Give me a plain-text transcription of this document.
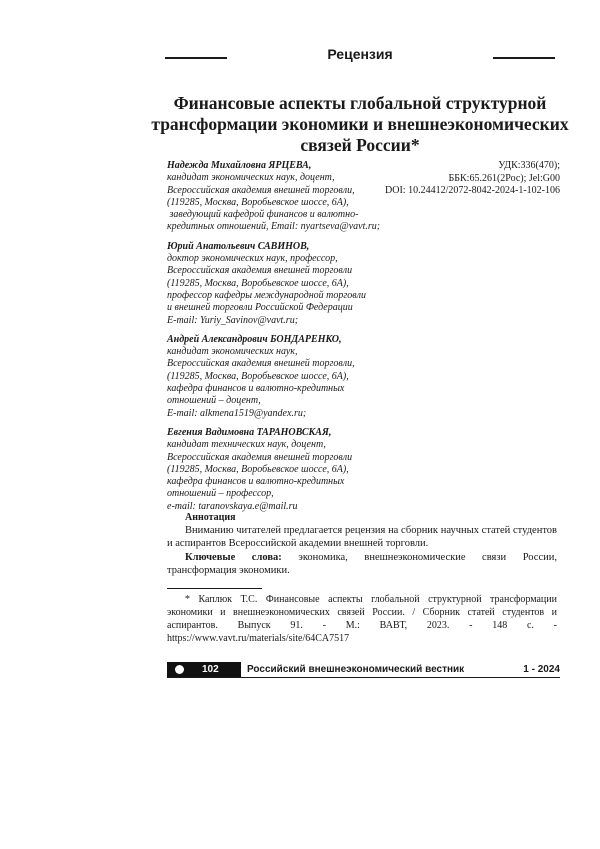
Рецензия
Финансовые аспекты глобальной структурной
трансформации экономики и внешнеэкономических
связей России*
УДК:336(470);
ББК:65.261(2Рос); Jel:G00
DOI: 10.24412/2072-8042-2024-1-102-106
Надежда Михайловна ЯРЦЕВА,
кандидат экономических наук, доцент,
Всероссийская академия внешней торговли,
(119285, Москва, Воробьевское шоссе, 6А),
заведующий кафедрой финансов и валютно-
кредитных отношений, Email: nyartseva@vavt.ru;
Юрий Анатольевич САВИНОВ,
доктор экономических наук, профессор,
Всероссийская академия внешней торговли
(119285, Москва, Воробьевское шоссе, 6А),
профессор кафедры международной торговли
и внешней торговли Российской Федерации
E-mail: Yuriy_Savinov@vavt.ru;
Андрей Александрович БОНДАРЕНКО,
кандидат экономических наук,
Всероссийская академия внешней торговли,
(119285, Москва, Воробьевское шоссе, 6А),
кафедра финансов и валютно-кредитных
отношений – доцент,
E-mail: alkmena1519@yandex.ru;
Евгения Вадимовна ТАРАНОВСКАЯ,
кандидат технических наук, доцент,
Всероссийская академия внешней торговли
(119285, Москва, Воробьевское шоссе, 6А),
кафедра финансов и валютно-кредитных
отношений – профессор,
e-mail: taranovskaya.e@mail.ru
Аннотация
Вниманию читателей предлагается рецензия на сборник научных статей студентов и аспирантов Всероссийской академии внешней торговли.
Ключевые слова: экономика, внешнеэкономические связи России, трансформация экономики.
* Каплюк Т.С. Финансовые аспекты глобальной структурной трансформации экономики и внешнеэкономических связей России. / Сборник статей студентов и аспирантов. Выпуск 91. - М.: ВАВТ, 2023. - 148 с. - https://www.vavt.ru/materials/site/64CA7517
102	Российский внешнеэкономический вестник	1 - 2024
